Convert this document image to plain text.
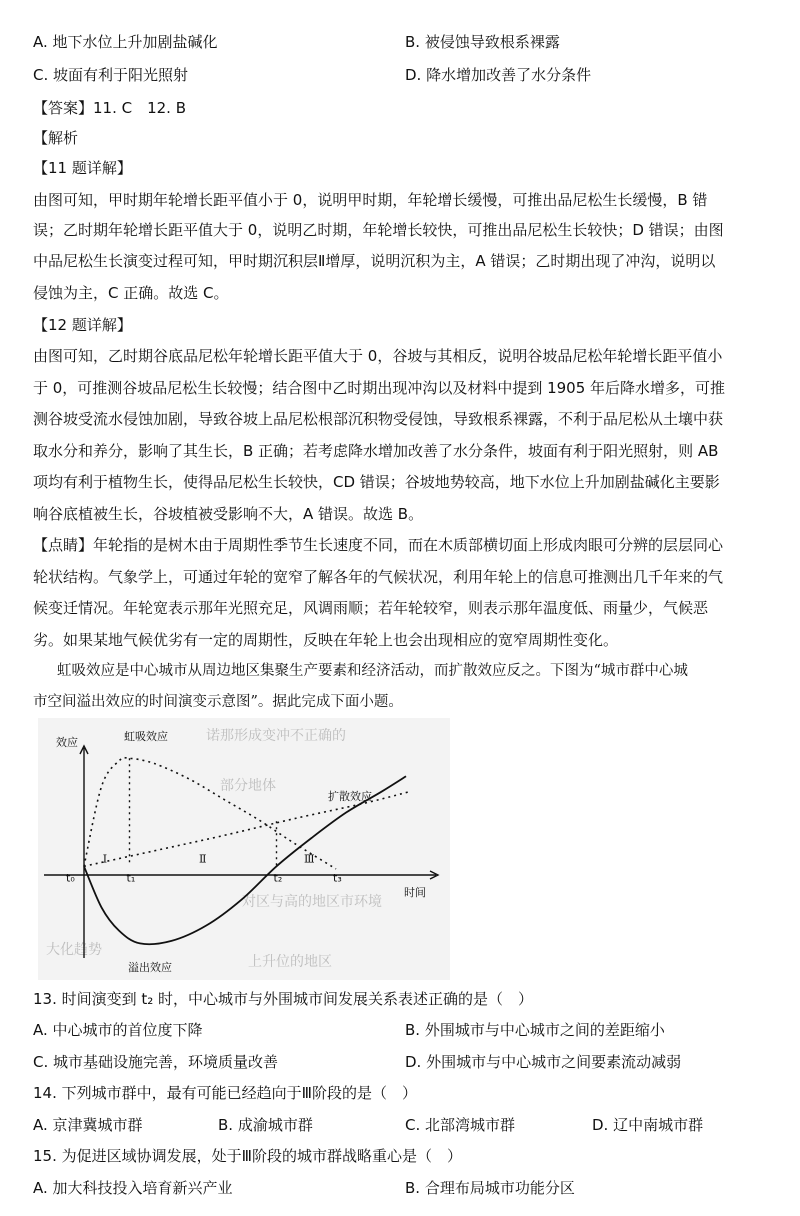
A. 地下水位上升加剧盐碱化	B. 被侵蚀导致根系裸露
C. 坡面有利于阳光照射	D. 降水增加改善了水分条件
【答案】11. C　12. B
【解析
【11 题详解】
由图可知，甲时期年轮增长距平值小于 0，说明甲时期，年轮增长缓慢，可推出品尼松生长缓慢，B 错
误；乙时期年轮增长距平值大于 0，说明乙时期，年轮增长较快，可推出品尼松生长较快；D 错误；由图
中品尼松生长演变过程可知，甲时期沉积层Ⅱ增厚，说明沉积为主，A 错误；乙时期出现了冲沟，说明以
侵蚀为主，C 正确。故选 C。
【12 题详解】
由图可知，乙时期谷底品尼松年轮增长距平值大于 0，谷坡与其相反，说明谷坡品尼松年轮增长距平值小
于 0，可推测谷坡品尼松生长较慢；结合图中乙时期出现冲沟以及材料中提到 1905 年后降水增多，可推
测谷坡受流水侵蚀加剧，导致谷坡上品尼松根部沉积物受侵蚀，导致根系裸露，不利于品尼松从土壤中获
取水分和养分，影响了其生长，B 正确；若考虑降水增加改善了水分条件，坡面有利于阳光照射，则 AB
项均有利于植物生长，使得品尼松生长较快，CD 错误；谷坡地势较高，地下水位上升加剧盐碱化主要影
响谷底植被生长，谷坡植被受影响不大，A 错误。故选 B。
【点睛】年轮指的是树木由于周期性季节生长速度不同，而在木质部横切面上形成肉眼可分辨的层层同心
轮状结构。气象学上，可通过年轮的宽窄了解各年的气候状况，利用年轮上的信息可推测出几千年来的气
候变迁情况。年轮宽表示那年光照充足，风调雨顺；若年轮较窄，则表示那年温度低、雨量少，气候恶
劣。如果某地气候优劣有一定的周期性，反映在年轮上也会出现相应的宽窄周期性变化。
虹吸效应是中心城市从周边地区集聚生产要素和经济活动，而扩散效应反之。下图为“城市群中心城
市空间溢出效应的时间演变示意图”。据此完成下面小题。
诺那形成变冲不正确的
部分地体
对区与高的地区市环境
大化趋势
上升位的地区
效应
时间
虹吸效应
扩散效应
溢出效应
t₀	t₁	t₂	t₃
Ⅰ	Ⅱ	Ⅲ
13. 时间演变到 t₂ 时，中心城市与外围城市间发展关系表述正确的是（　）
A. 中心城市的首位度下降	B. 外围城市与中心城市之间的差距缩小
C. 城市基础设施完善，环境质量改善	D. 外围城市与中心城市之间要素流动减弱
14. 下列城市群中，最有可能已经趋向于Ⅲ阶段的是（　）
A. 京津冀城市群	B. 成渝城市群	C. 北部湾城市群	D. 辽中南城市群
15. 为促进区域协调发展，处于Ⅲ阶段的城市群战略重心是（　）
A. 加大科技投入培育新兴产业	B. 合理布局城市功能分区
